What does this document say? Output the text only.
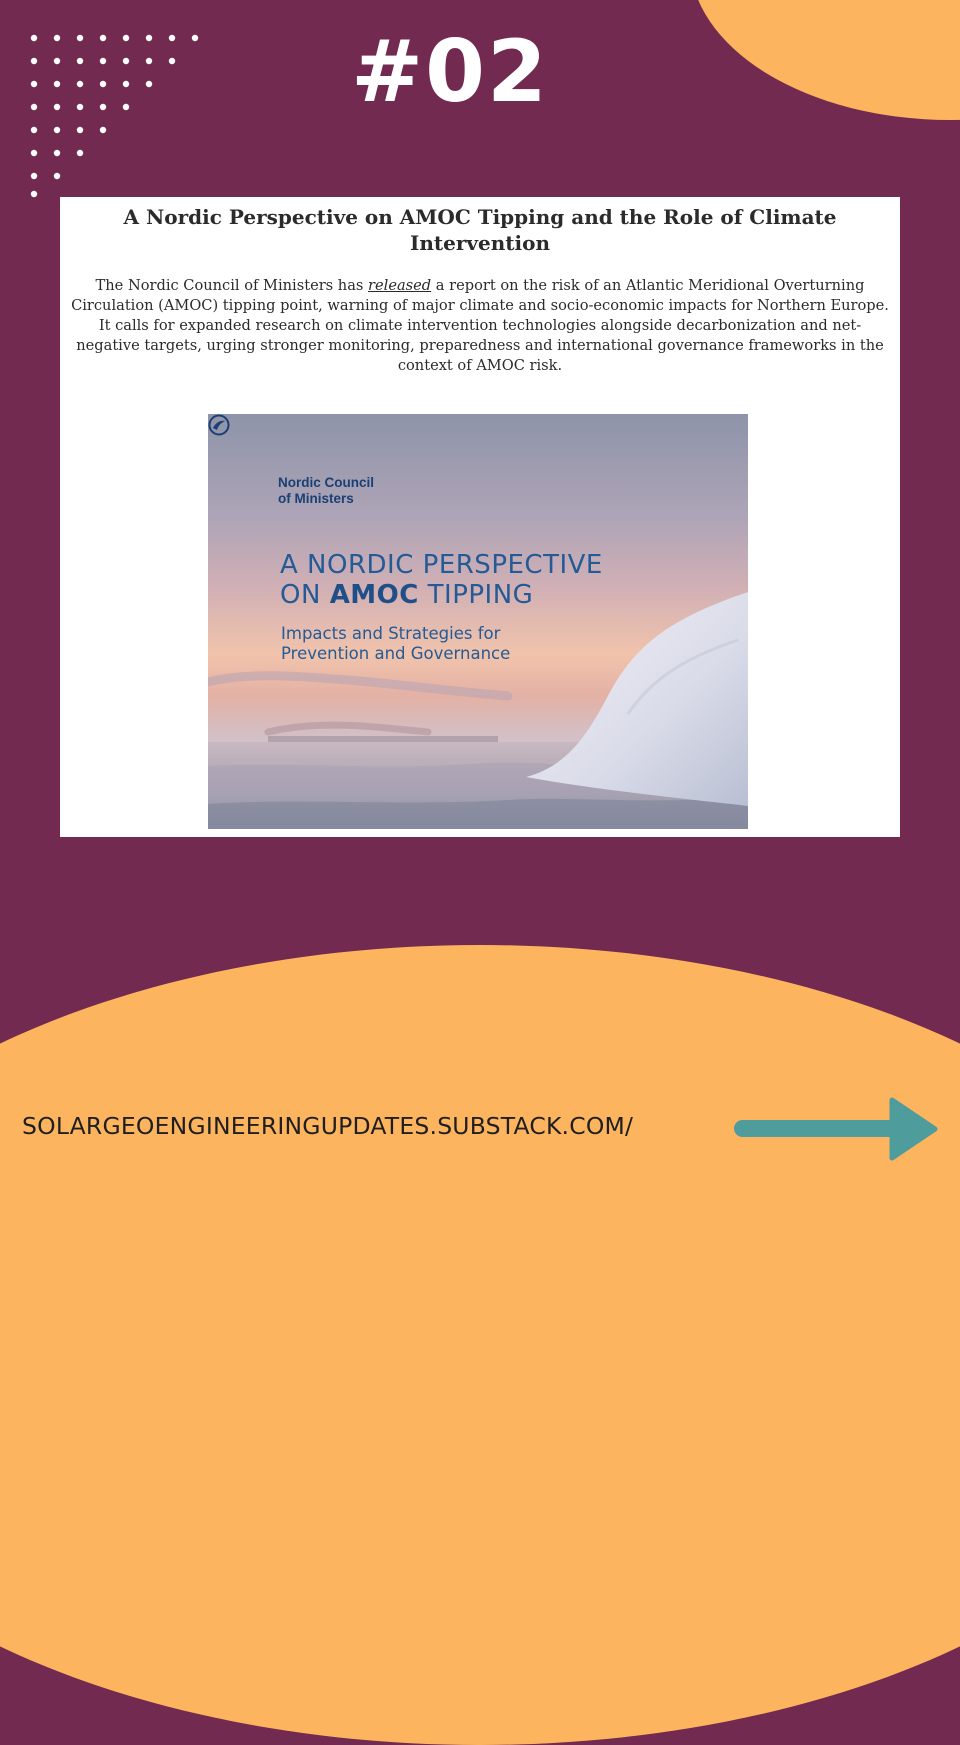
#02
A Nordic Perspective on AMOC Tipping and the Role of Climate Intervention

The Nordic Council of Ministers has released a report on the risk of an Atlantic Meridional Overturning Circulation (AMOC) tipping point, warning of major climate and socio-economic impacts for Northern Europe. It calls for expanded research on climate intervention technologies alongside decarbonization and net-negative targets, urging stronger monitoring, preparedness and international governance frameworks in the context of AMOC risk.

Nordic Council
of Ministers
A NORDIC PERSPECTIVE
ON AMOC TIPPING
Impacts and Strategies for
Prevention and Governance
SOLARGEOENGINEERINGUPDATES.SUBSTACK.COM/
